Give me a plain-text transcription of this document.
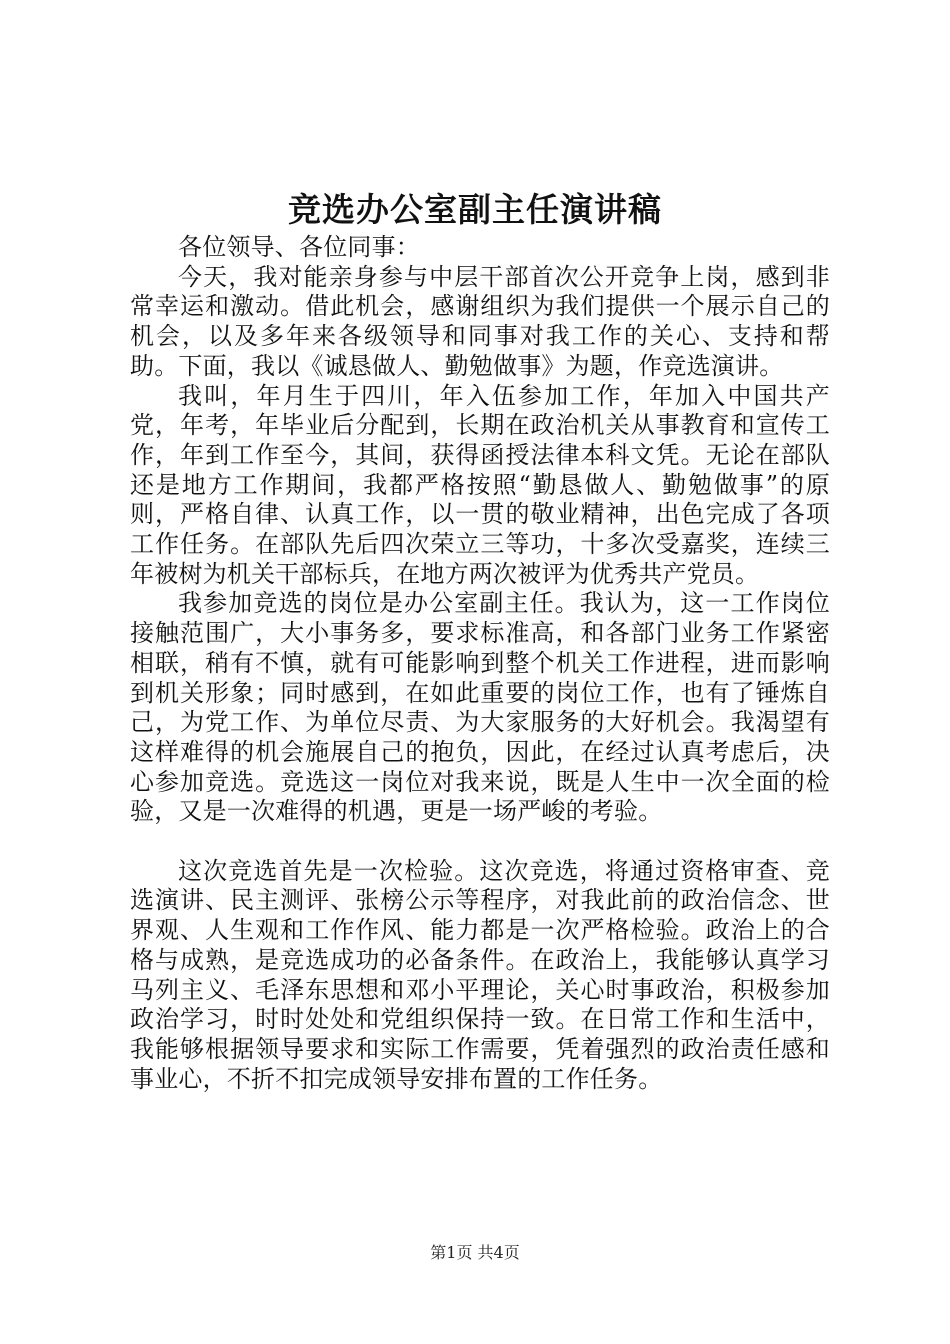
竞选办公室副主任演讲稿

各位领导、各位同事：

今天，我对能亲身参与中层干部首次公开竞争上岗，感到非常幸运和激动。借此机会，感谢组织为我们提供一个展示自己的机会，以及多年来各级领导和同事对我工作的关心、支持和帮助。下面，我以《诚恳做人、勤勉做事》为题，作竞选演讲。

我叫，年月生于四川，年入伍参加工作，年加入中国共产党，年考，年毕业后分配到，长期在政治机关从事教育和宣传工作，年到工作至今，其间，获得函授法律本科文凭。无论在部队还是地方工作期间，我都严格按照“勤恳做人、勤勉做事”的原则，严格自律、认真工作，以一贯的敬业精神，出色完成了各项工作任务。在部队先后四次荣立三等功，十多次受嘉奖，连续三年被树为机关干部标兵，在地方两次被评为优秀共产党员。

我参加竞选的岗位是办公室副主任。我认为，这一工作岗位接触范围广，大小事务多，要求标准高，和各部门业务工作紧密相联，稍有不慎，就有可能影响到整个机关工作进程，进而影响到机关形象；同时感到，在如此重要的岗位工作，也有了锤炼自己，为党工作、为单位尽责、为大家服务的大好机会。我渴望有这样难得的机会施展自己的抱负，因此，在经过认真考虑后，决心参加竞选。竞选这一岗位对我来说，既是人生中一次全面的检验，又是一次难得的机遇，更是一场严峻的考验。

这次竞选首先是一次检验。这次竞选，将通过资格审查、竞选演讲、民主测评、张榜公示等程序，对我此前的政治信念、世界观、人生观和工作作风、能力都是一次严格检验。政治上的合格与成熟，是竞选成功的必备条件。在政治上，我能够认真学习马列主义、毛泽东思想和邓小平理论，关心时事政治，积极参加政治学习，时时处处和党组织保持一致。在日常工作和生活中，我能够根据领导要求和实际工作需要，凭着强烈的政治责任感和事业心，不折不扣完成领导安排布置的工作任务。

第1页 共4页
